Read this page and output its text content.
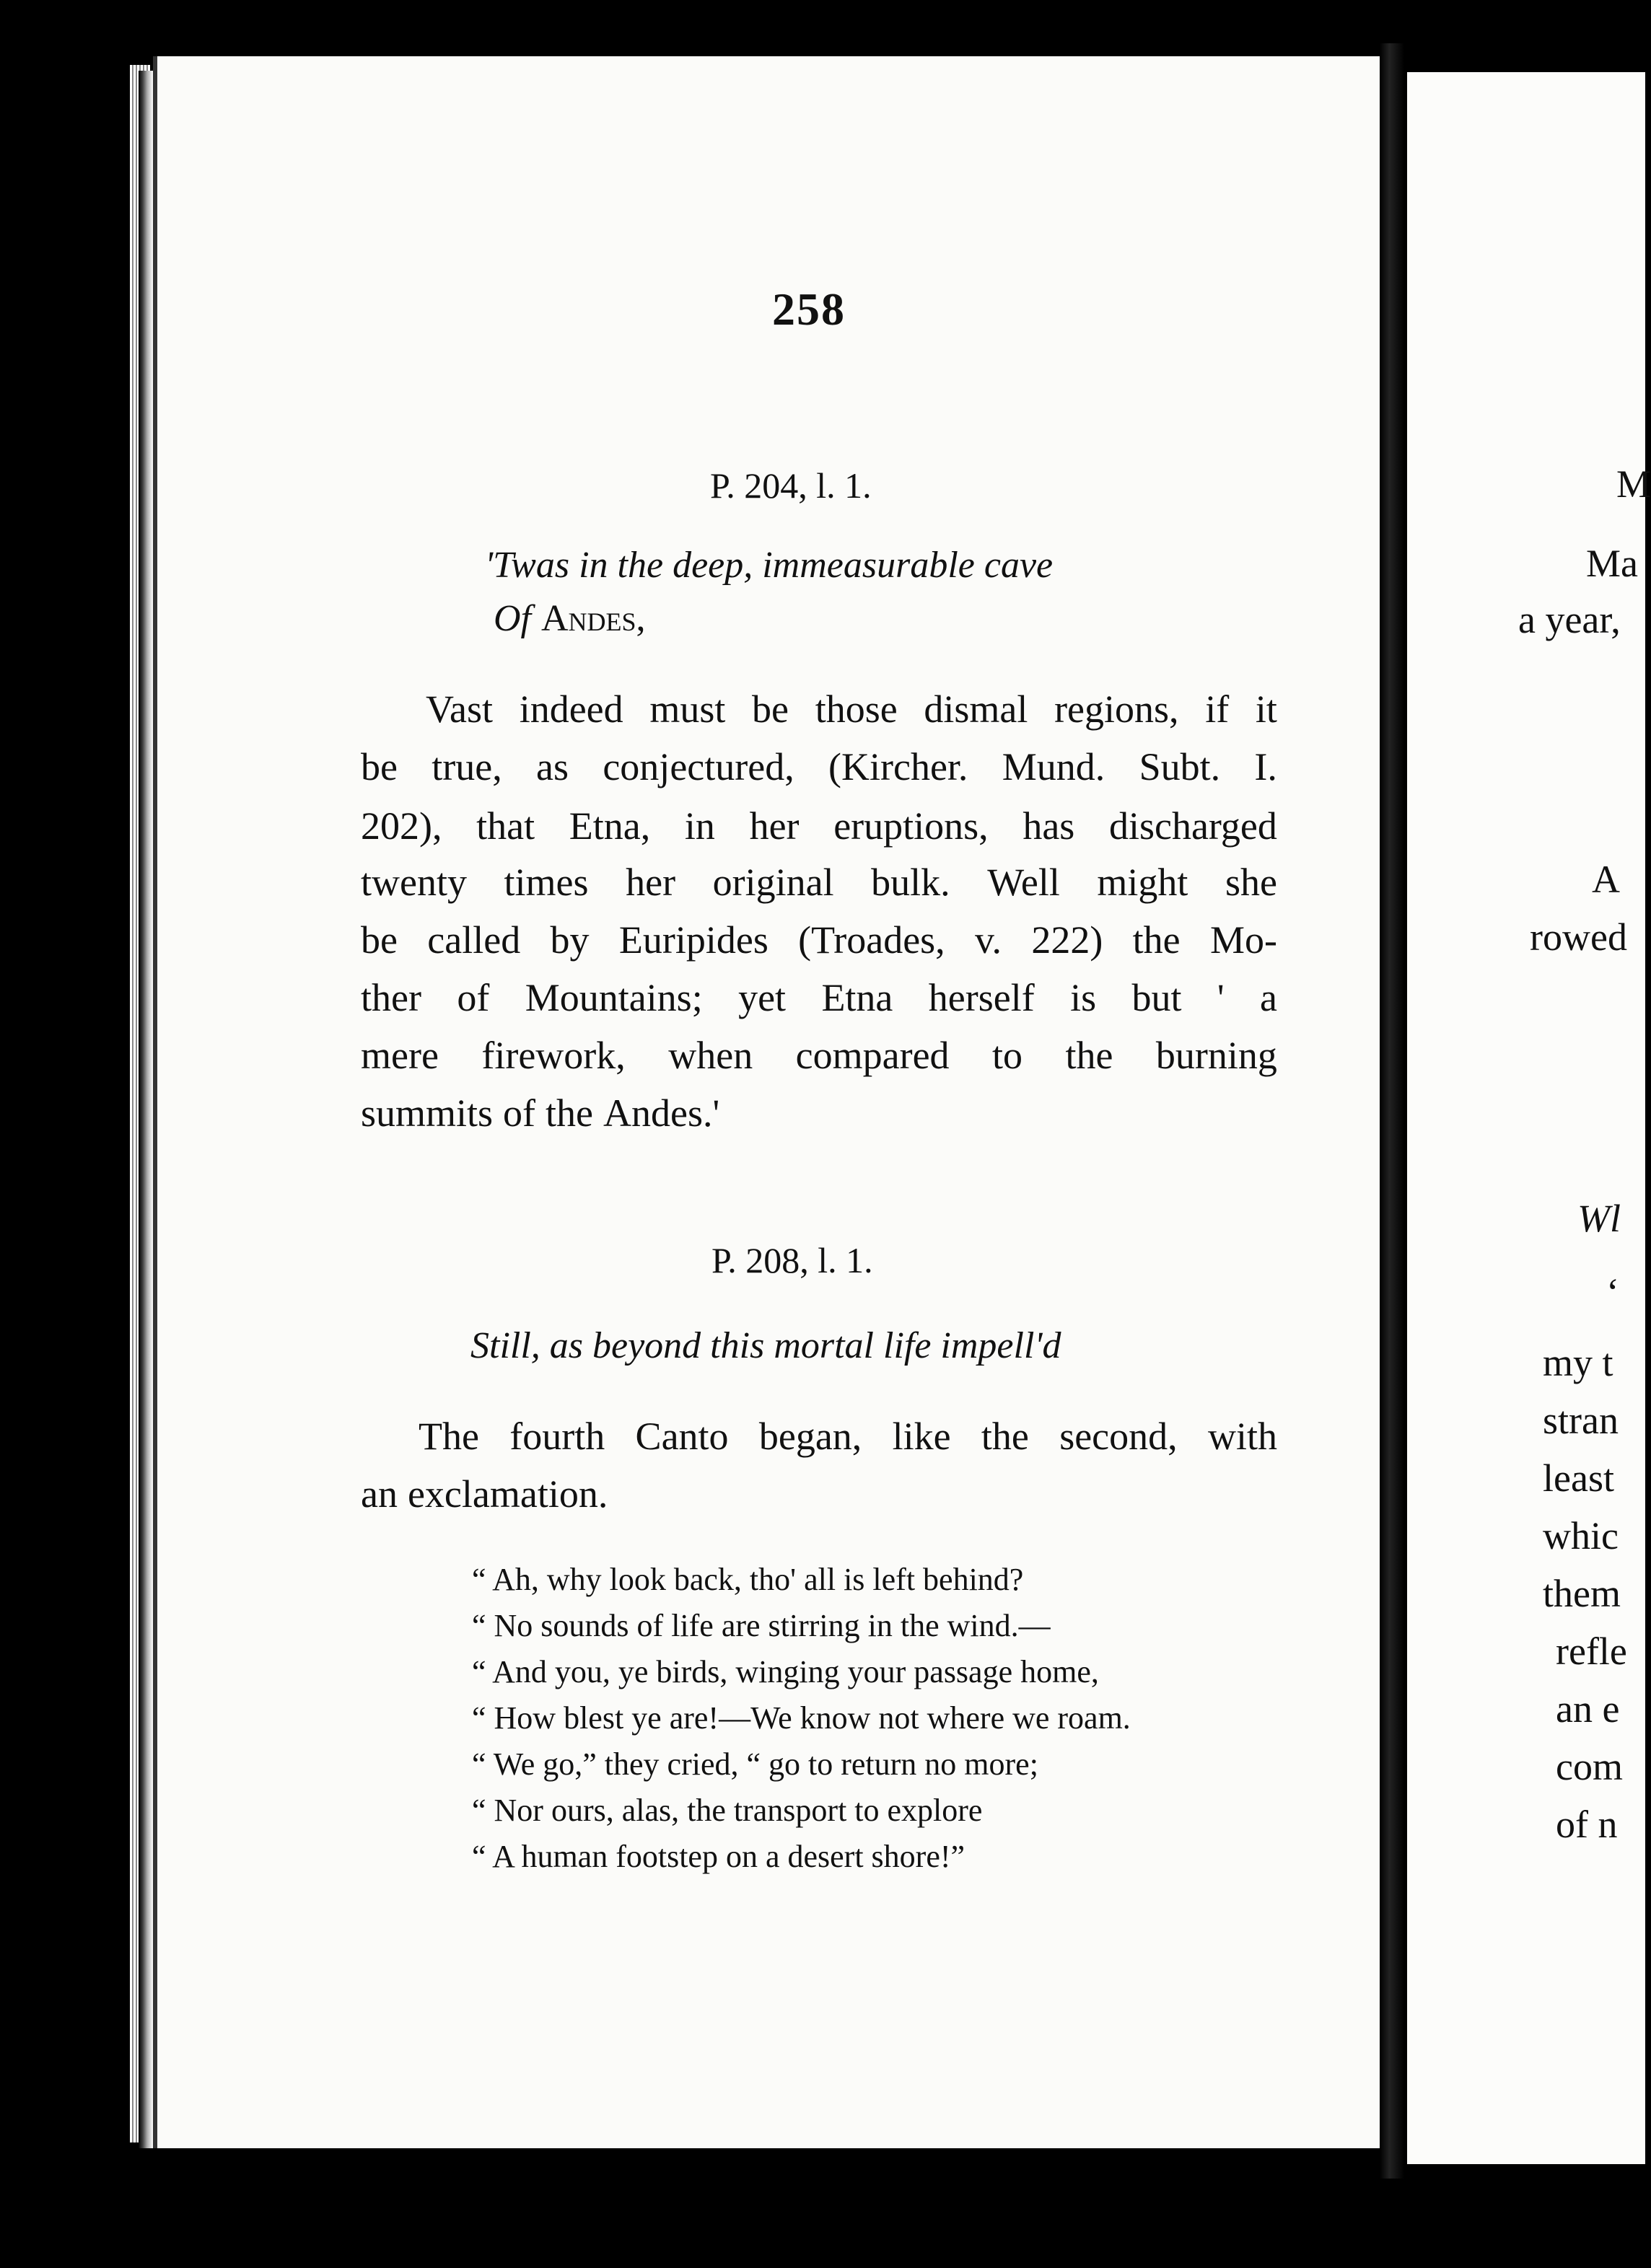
258
P. 204, l. 1.
'Twas in the deep, immeasurable cave
Of Andes,
Vast indeed must be those dismal regions, if it
be true, as conjectured, (Kircher. Mund. Subt. I.
202), that Etna, in her eruptions, has discharged
twenty times her original bulk. Well might she
be called by Euripides (Troades, v. 222) the Mo-
ther of Mountains; yet Etna herself is but ' a
mere firework, when compared to the burning
summits of the Andes.'
P. 208, l. 1.
Still, as beyond this mortal life impell'd
The fourth Canto began, like the second, with
an exclamation.
“ Ah, why look back, tho' all is left behind?
“ No sounds of life are stirring in the wind.—
“ And you, ye birds, winging your passage home,
“ How blest ye are!—We know not where we roam.
“ We go,” they cried, “ go to return no more;
“ Nor ours, alas, the transport to explore
“ A human footstep on a desert shore!”
M
Ma
a year,
A
rowed
Wl
‘
my t
stran
least
whic
them
refle
an e
com
of n
